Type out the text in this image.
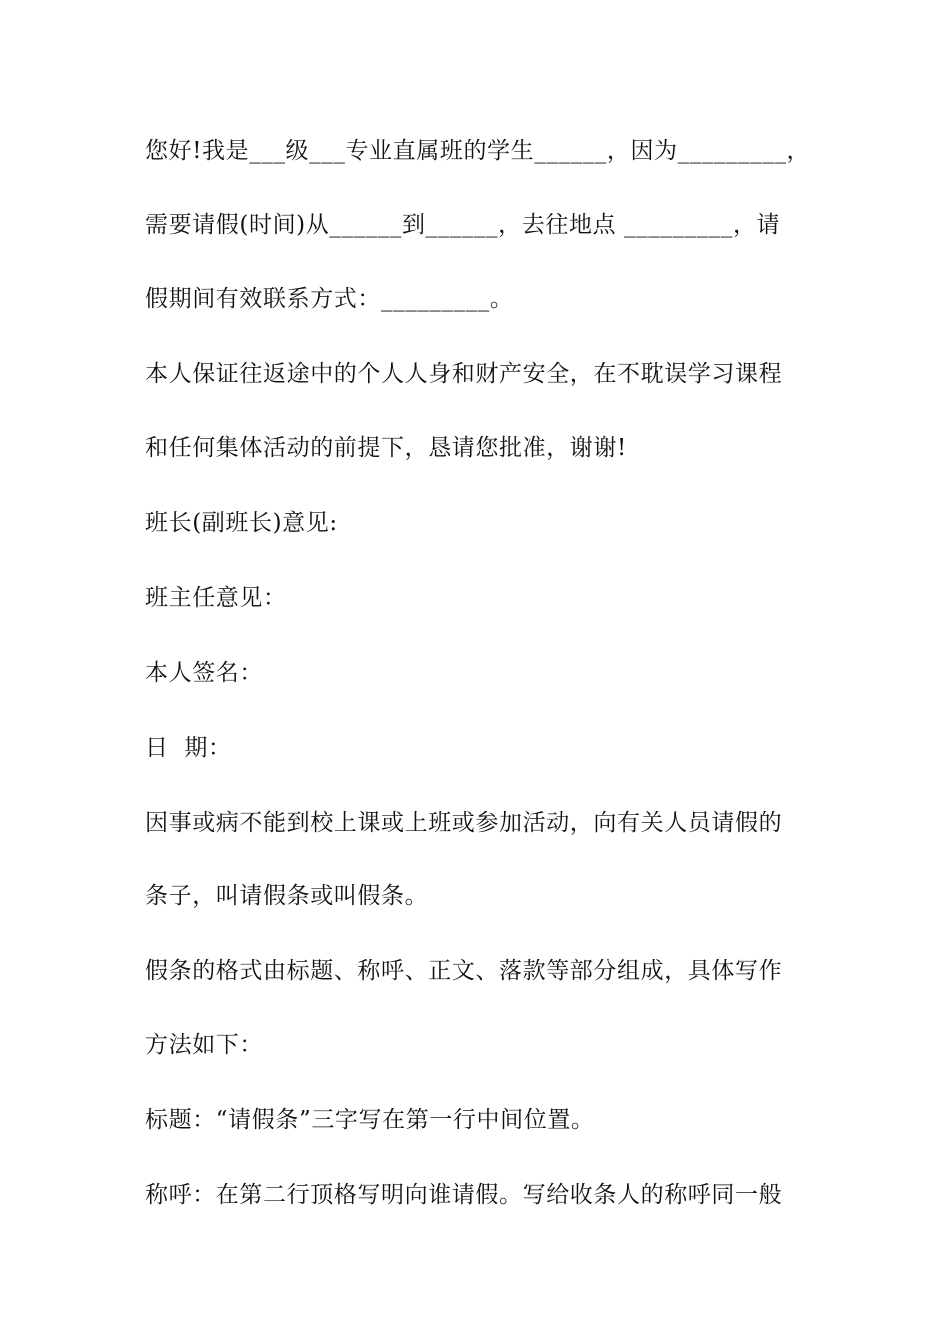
您好!我是___级___专业直属班的学生______，因为_________，
需要请假(时间)从______到______，去往地点 _________，请
假期间有效联系方式：_________。
本人保证往返途中的个人人身和财产安全，在不耽误学习课程
和任何集体活动的前提下，恳请您批准，谢谢!
班长(副班长)意见:
班主任意见：
本人签名：
日  期：
因事或病不能到校上课或上班或参加活动，向有关人员请假的
条子，叫请假条或叫假条。
假条的格式由标题、称呼、正文、落款等部分组成，具体写作
方法如下：
标题：“请假条”三字写在第一行中间位置。
称呼：在第二行顶格写明向谁请假。写给收条人的称呼同一般
